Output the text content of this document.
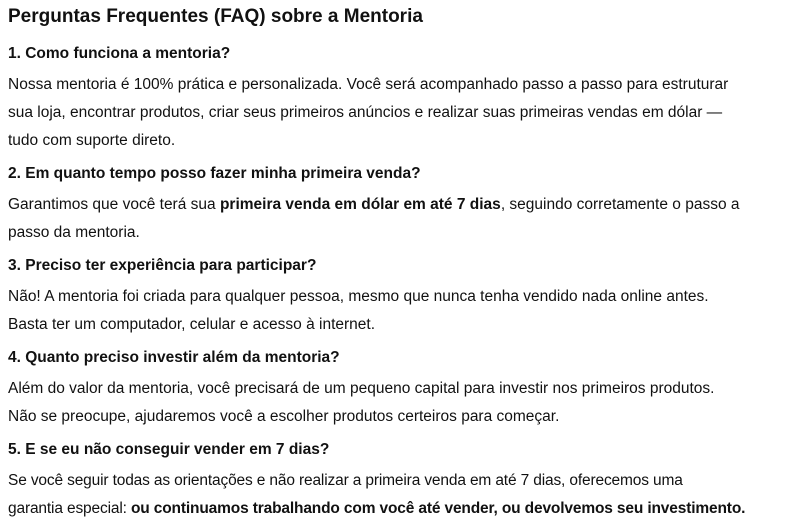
Perguntas Frequentes (FAQ) sobre a Mentoria

1. Como funciona a mentoria?

Nossa mentoria é 100% prática e personalizada. Você será acompanhado passo a passo para estruturar
sua loja, encontrar produtos, criar seus primeiros anúncios e realizar suas primeiras vendas em dólar —
tudo com suporte direto.

2. Em quanto tempo posso fazer minha primeira venda?

Garantimos que você terá sua primeira venda em dólar em até 7 dias, seguindo corretamente o passo a
passo da mentoria.

3. Preciso ter experiência para participar?

Não! A mentoria foi criada para qualquer pessoa, mesmo que nunca tenha vendido nada online antes.
Basta ter um computador, celular e acesso à internet.

4. Quanto preciso investir além da mentoria?

Além do valor da mentoria, você precisará de um pequeno capital para investir nos primeiros produtos.
Não se preocupe, ajudaremos você a escolher produtos certeiros para começar.

5. E se eu não conseguir vender em 7 dias?

Se você seguir todas as orientações e não realizar a primeira venda em até 7 dias, oferecemos uma
garantia especial: ou continuamos trabalhando com você até vender, ou devolvemos seu investimento.
